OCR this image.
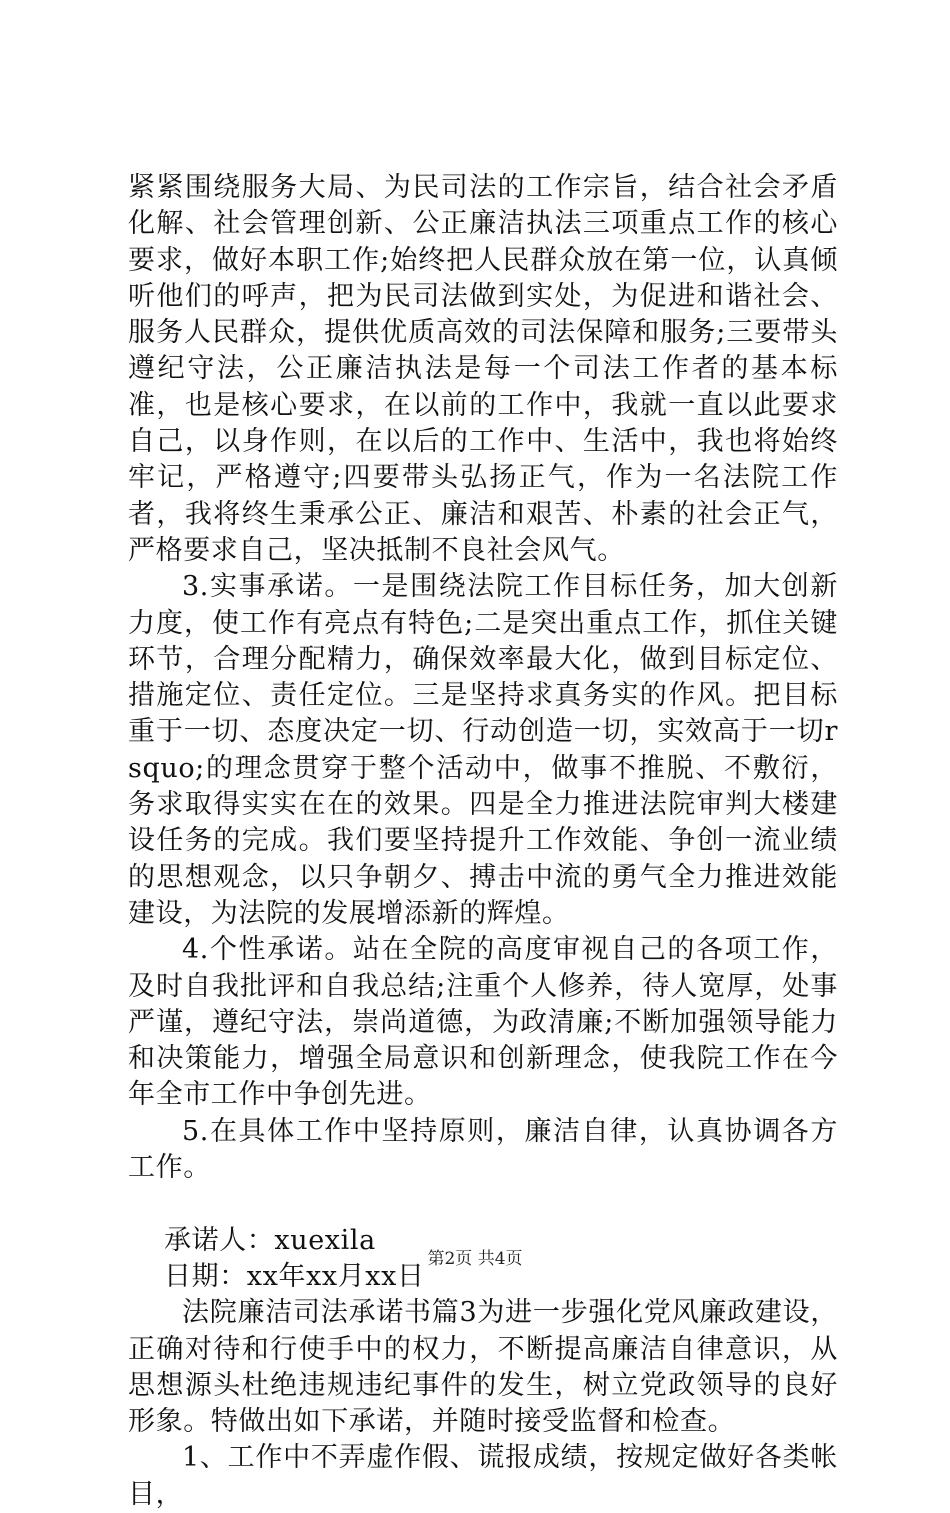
紧紧围绕服务大局、为民司法的工作宗旨，结合社会矛盾化解、社会管理创新、公正廉洁执法三项重点工作的核心要求，做好本职工作;始终把人民群众放在第一位，认真倾听他们的呼声，把为民司法做到实处，为促进和谐社会、服务人民群众，提供优质高效的司法保障和服务;三要带头遵纪守法，公正廉洁执法是每一个司法工作者的基本标准，也是核心要求，在以前的工作中，我就一直以此要求自己，以身作则，在以后的工作中、生活中，我也将始终牢记，严格遵守;四要带头弘扬正气，作为一名法院工作者，我将终生秉承公正、廉洁和艰苦、朴素的社会正气，严格要求自己，坚决抵制不良社会风气。

3.实事承诺。一是围绕法院工作目标任务，加大创新力度，使工作有亮点有特色;二是突出重点工作，抓住关键环节，合理分配精力，确保效率最大化，做到目标定位、措施定位、责任定位。三是坚持求真务实的作风。把目标重于一切、态度决定一切、行动创造一切，实效高于一切rsquo;的理念贯穿于整个活动中，做事不推脱、不敷衍，务求取得实实在在的效果。四是全力推进法院审判大楼建设任务的完成。我们要坚持提升工作效能、争创一流业绩的思想观念，以只争朝夕、搏击中流的勇气全力推进效能建设，为法院的发展增添新的辉煌。

4.个性承诺。站在全院的高度审视自己的各项工作，及时自我批评和自我总结;注重个人修养，待人宽厚，处事严谨，遵纪守法，崇尚道德，为政清廉;不断加强领导能力和决策能力，增强全局意识和创新理念，使我院工作在今年全市工作中争创先进。

5.在具体工作中坚持原则，廉洁自律，认真协调各方工作。

承诺人：xuexila

日期：xx年xx月xx日

法院廉洁司法承诺书篇3为进一步强化党风廉政建设，正确对待和行使手中的权力，不断提高廉洁自律意识，从思想源头杜绝违规违纪事件的发生，树立党政领导的良好形象。特做出如下承诺，并随时接受监督和检查。

1、工作中不弄虚作假、谎报成绩，按规定做好各类帐目，

第2页 共4页
